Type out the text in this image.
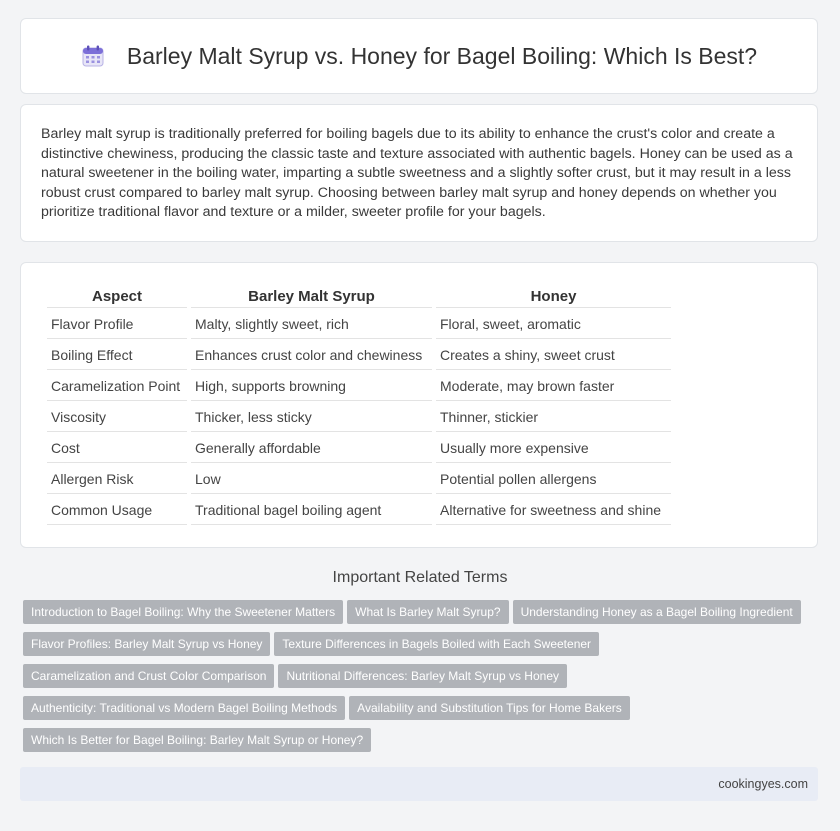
Barley Malt Syrup vs. Honey for Bagel Boiling: Which Is Best?

Barley malt syrup is traditionally preferred for boiling bagels due to its ability to enhance the crust's color and create a distinctive chewiness, producing the classic taste and texture associated with authentic bagels. Honey can be used as a natural sweetener in the boiling water, imparting a subtle sweetness and a slightly softer crust, but it may result in a less robust crust compared to barley malt syrup. Choosing between barley malt syrup and honey depends on whether you prioritize traditional flavor and texture or a milder, sweeter profile for your bagels.

Aspect	Barley Malt Syrup	Honey
Flavor Profile	Malty, slightly sweet, rich	Floral, sweet, aromatic
Boiling Effect	Enhances crust color and chewiness	Creates a shiny, sweet crust
Caramelization Point	High, supports browning	Moderate, may brown faster
Viscosity	Thicker, less sticky	Thinner, stickier
Cost	Generally affordable	Usually more expensive
Allergen Risk	Low	Potential pollen allergens
Common Usage	Traditional bagel boiling agent	Alternative for sweetness and shine
Important Related Terms
Introduction to Bagel Boiling: Why the Sweetener Matters What Is Barley Malt Syrup? Understanding Honey as a Bagel Boiling Ingredient
Flavor Profiles: Barley Malt Syrup vs Honey Texture Differences in Bagels Boiled with Each Sweetener
Caramelization and Crust Color Comparison Nutritional Differences: Barley Malt Syrup vs Honey
Authenticity: Traditional vs Modern Bagel Boiling Methods Availability and Substitution Tips for Home Bakers
Which Is Better for Bagel Boiling: Barley Malt Syrup or Honey?
cookingyes.com
